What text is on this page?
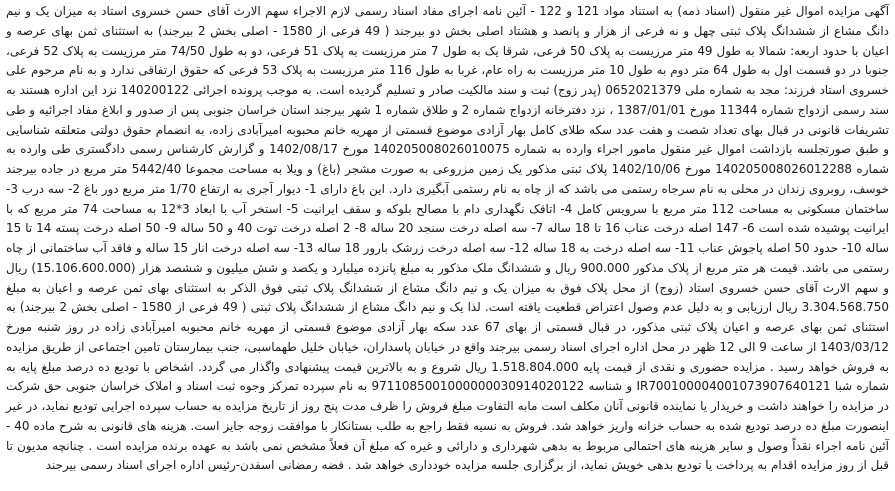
آگهی مزایده اموال غیر منقول (اسناد ذمه) به استناد مواد 121 و 122 - آئین نامه اجرای مفاد اسناد رسمی لازم الاجراء سهم الارث آقای حسن خسروی استاد به میزان یک و نیم دانگ مشاع از ششدانگ پلاک ثبتی چهل و نه فرعی از هزار و پانصد و هشتاد اصلی بخش دو بیرجند ( 49 فرعی از 1580 - اصلی بخش 2 بیرجند) به استثنای ثمن بهای عرصه و اعیان با حدود اربعه: شمالا به طول 49 متر مرزیست به پلاک 50 فرعی، شرقا یک به طول 7 متر مرزیست به پلاک 51 فرعی، دو به طول 74/50 متر مرزیست به پلاک 52 فرعی، جنوبا در دو قسمت اول به طول 64 متر دوم به طول 10 متر مرزیست به راه عام، غربا به طول 116 متر مرزیست به پلاک 53 فرعی که حقوق ارتفاقی ندارد و به نام مرحوم علی خسروی استاد فرزند: مجد به شماره ملی 0652021379 (پدر زوج) ثبت و سند مالکیت صادر و تسلیم گردیده است. به موجب پرونده اجرائی 140200122 نزد این اداره هستند به سند رسمی ازدواج شماره 11344 مورخ 1387/01/01 ، نزد دفترخانه ازدواج شماره 2 و طلاق شماره 1 شهر بیرجند استان خراسان جنوبی پس از صدور و ابلاغ مفاد اجرائیه و طی تشریفات قانونی در قبال بهای تعداد شصت و هفت عدد سکه طلای کامل بهار آزادی موضوع قسمتی از مهریه خانم محبوبه امیرآبادی زاده، به انضمام حقوق دولتی متعلقه شناسایی و طبق صورتجلسه بازداشت اموال غیر منقول مامور اجراء وارده به شماره 140205008026010075 مورخ 1402/08/17 و گزارش کارشناس رسمی دادگستری طی وارده به شماره 140205008026012288 مورخ 1402/10/06 پلاک ثبتی مذکور یک زمین مزروعی به صورت مشجر (باغ) و ویلا به مساحت مجموعا 5442/40 متر مربع در جاده بیرجند خوسف، روبروی زندان در محلی به نام سرجاه رستمی می باشد که از چاه به نام رستمی آبگیری دارد. این باغ دارای 1- دیوار آجری به ارتفاع 1/70 متر مربع دور باغ 2- سه درب 3- ساختمان مسکونی به مساحت 112 متر مربع با سرویس کامل 4- اتاقک نگهداری دام با مصالح بلوکه و سقف ایرانیت 5- استخر آب با ابعاد 3*12 به مساحت 74 متر مربع که با ایرانیت پوشیده شده است 6- 147 اصله درخت عناب 16 تا 18 ساله 7- سه اصله درخت سنجد 20 ساله 8- 2 اصله درخت توت 40 و 50 ساله 9- 50 اصله درخت پسته 14 تا 15 ساله 10- حدود 50 اصله پاجوش عناب 11- سه اصله درخت به 18 ساله 12- سه اصله درخت زرشک بارور 18 ساله 13- سه اصله درخت انار 15 ساله و فاقد آب ساختمانی از چاه رستمی می باشد. قیمت هر متر مربع از پلاک مذکور 900.000 ریال و ششدانگ ملک مذکور به مبلغ پانزده میلیارد و یکصد و شش میلیون و ششصد هزار (15.106.600.000) ریال و سهم الارث آقای حسن خسروی استاد (زوج) از محل پلاک فوق به میزان یک و نیم دانگ مشاع از ششدانگ پلاک ثبتی فوق الذکر به استثنای بهای ثمن عرصه و اعیان به مبلغ 3.304.568.750 ریال ارزیابی و به دلیل عدم وصول اعتراض قطعیت یافته است. لذا یک و نیم دانگ مشاع از ششدانگ پلاک ثبتی ( 49 فرعی از 1580 - اصلی بخش 2 بیرجند) به استثنای ثمن بهای عرصه و اعیان پلاک ثبتی مذکور، در قبال قسمتی از بهای 67 عدد سکه بهار آزادی موضوع قسمتی از مهریه خانم محبوبه امیرآبادی زاده در روز شنبه مورخ 1403/03/12 از ساعت 9 الی 12 ظهر در محل اداره اجرای اسناد رسمی بیرجند واقع در خیابان پاسداران، خیابان خلیل طهماسبی، جنب بیمارستان تامین اجتماعی از طریق مزایده به فروش خواهد رسید . مزایده حضوری و نقدی از قیمت پایه 1.518.804.000 ریال شروع و به بالاترین قیمت پیشنهادی واگذار می گردد. اشخاص با تودیع ده درصد مبلغ پایه به شماره شبا IR700100004001073907640121 و شناسه 9711085001000000030914020122 به نام سپرده تمرکز وجوه ثبت اسناد و املاک خراسان جنوبی حق شرکت در مزایده را خواهند داشت و خریدار یا نماینده قانونی آنان مکلف است مابه التفاوت مبلغ فروش را ظرف مدت پنج روز از تاریخ مزایده به حساب سپرده اجرایی تودیع نماید، در غیر اینصورت مبلغ ده درصد تودیع شده به حساب خزانه واریز خواهد شد. فروش به نسیه فقط راجع به طلب بستانکار با موافقت زوجه جایز است. هزینه های قانونی به شرح ماده 40 - آئین نامه اجراء نقداً وصول و سایر هزینه های احتمالی مربوط به بدهی شهرداری و دارائی و غیره که مبلغ آن فعلاً مشخص نمی باشد به عهده برنده مزایده است . چنانچه مدیون تا قبل از روز مزایده اقدام به پرداخت یا تودیع بدهی خویش نماید، از برگزاری جلسه مزایده خودداری خواهد شد . فضه رمضانی اسفدن-رئیس اداره اجرای اسناد رسمی بیرجند
